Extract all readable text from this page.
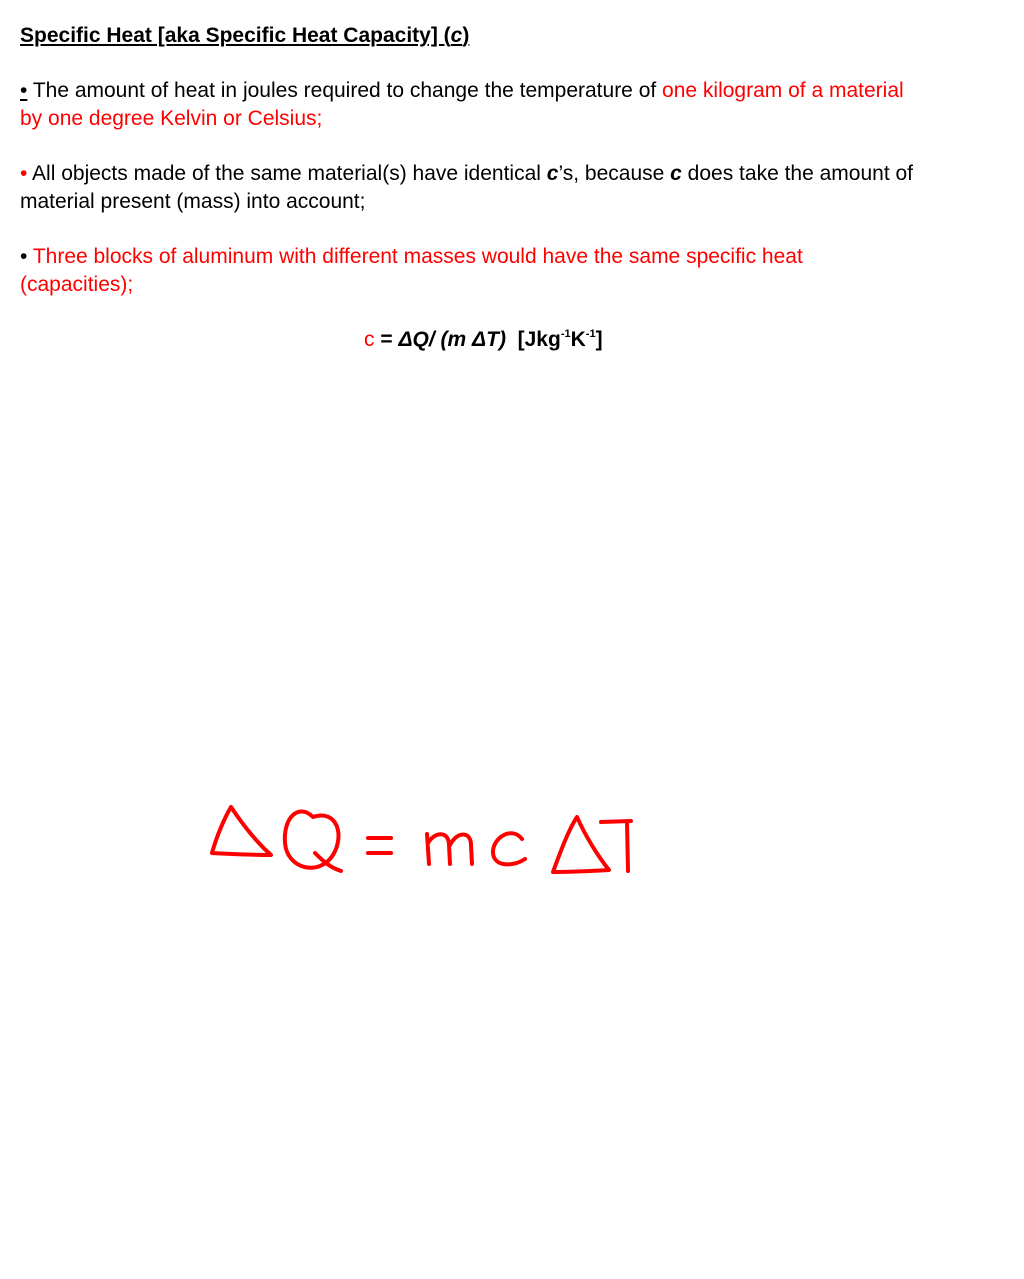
Specific Heat [aka Specific Heat Capacity] (c)
• The amount of heat in joules required to change the temperature of one kilogram of a material by one degree Kelvin or Celsius;
• All objects made of the same material(s) have identical c’s, because c does take the amount of material present (mass) into account;
• Three blocks of aluminum with different masses would have the same specific heat (capacities);
c = ΔQ/ (m ΔT)  $[Jkg^{-1}K^{-1}]$
